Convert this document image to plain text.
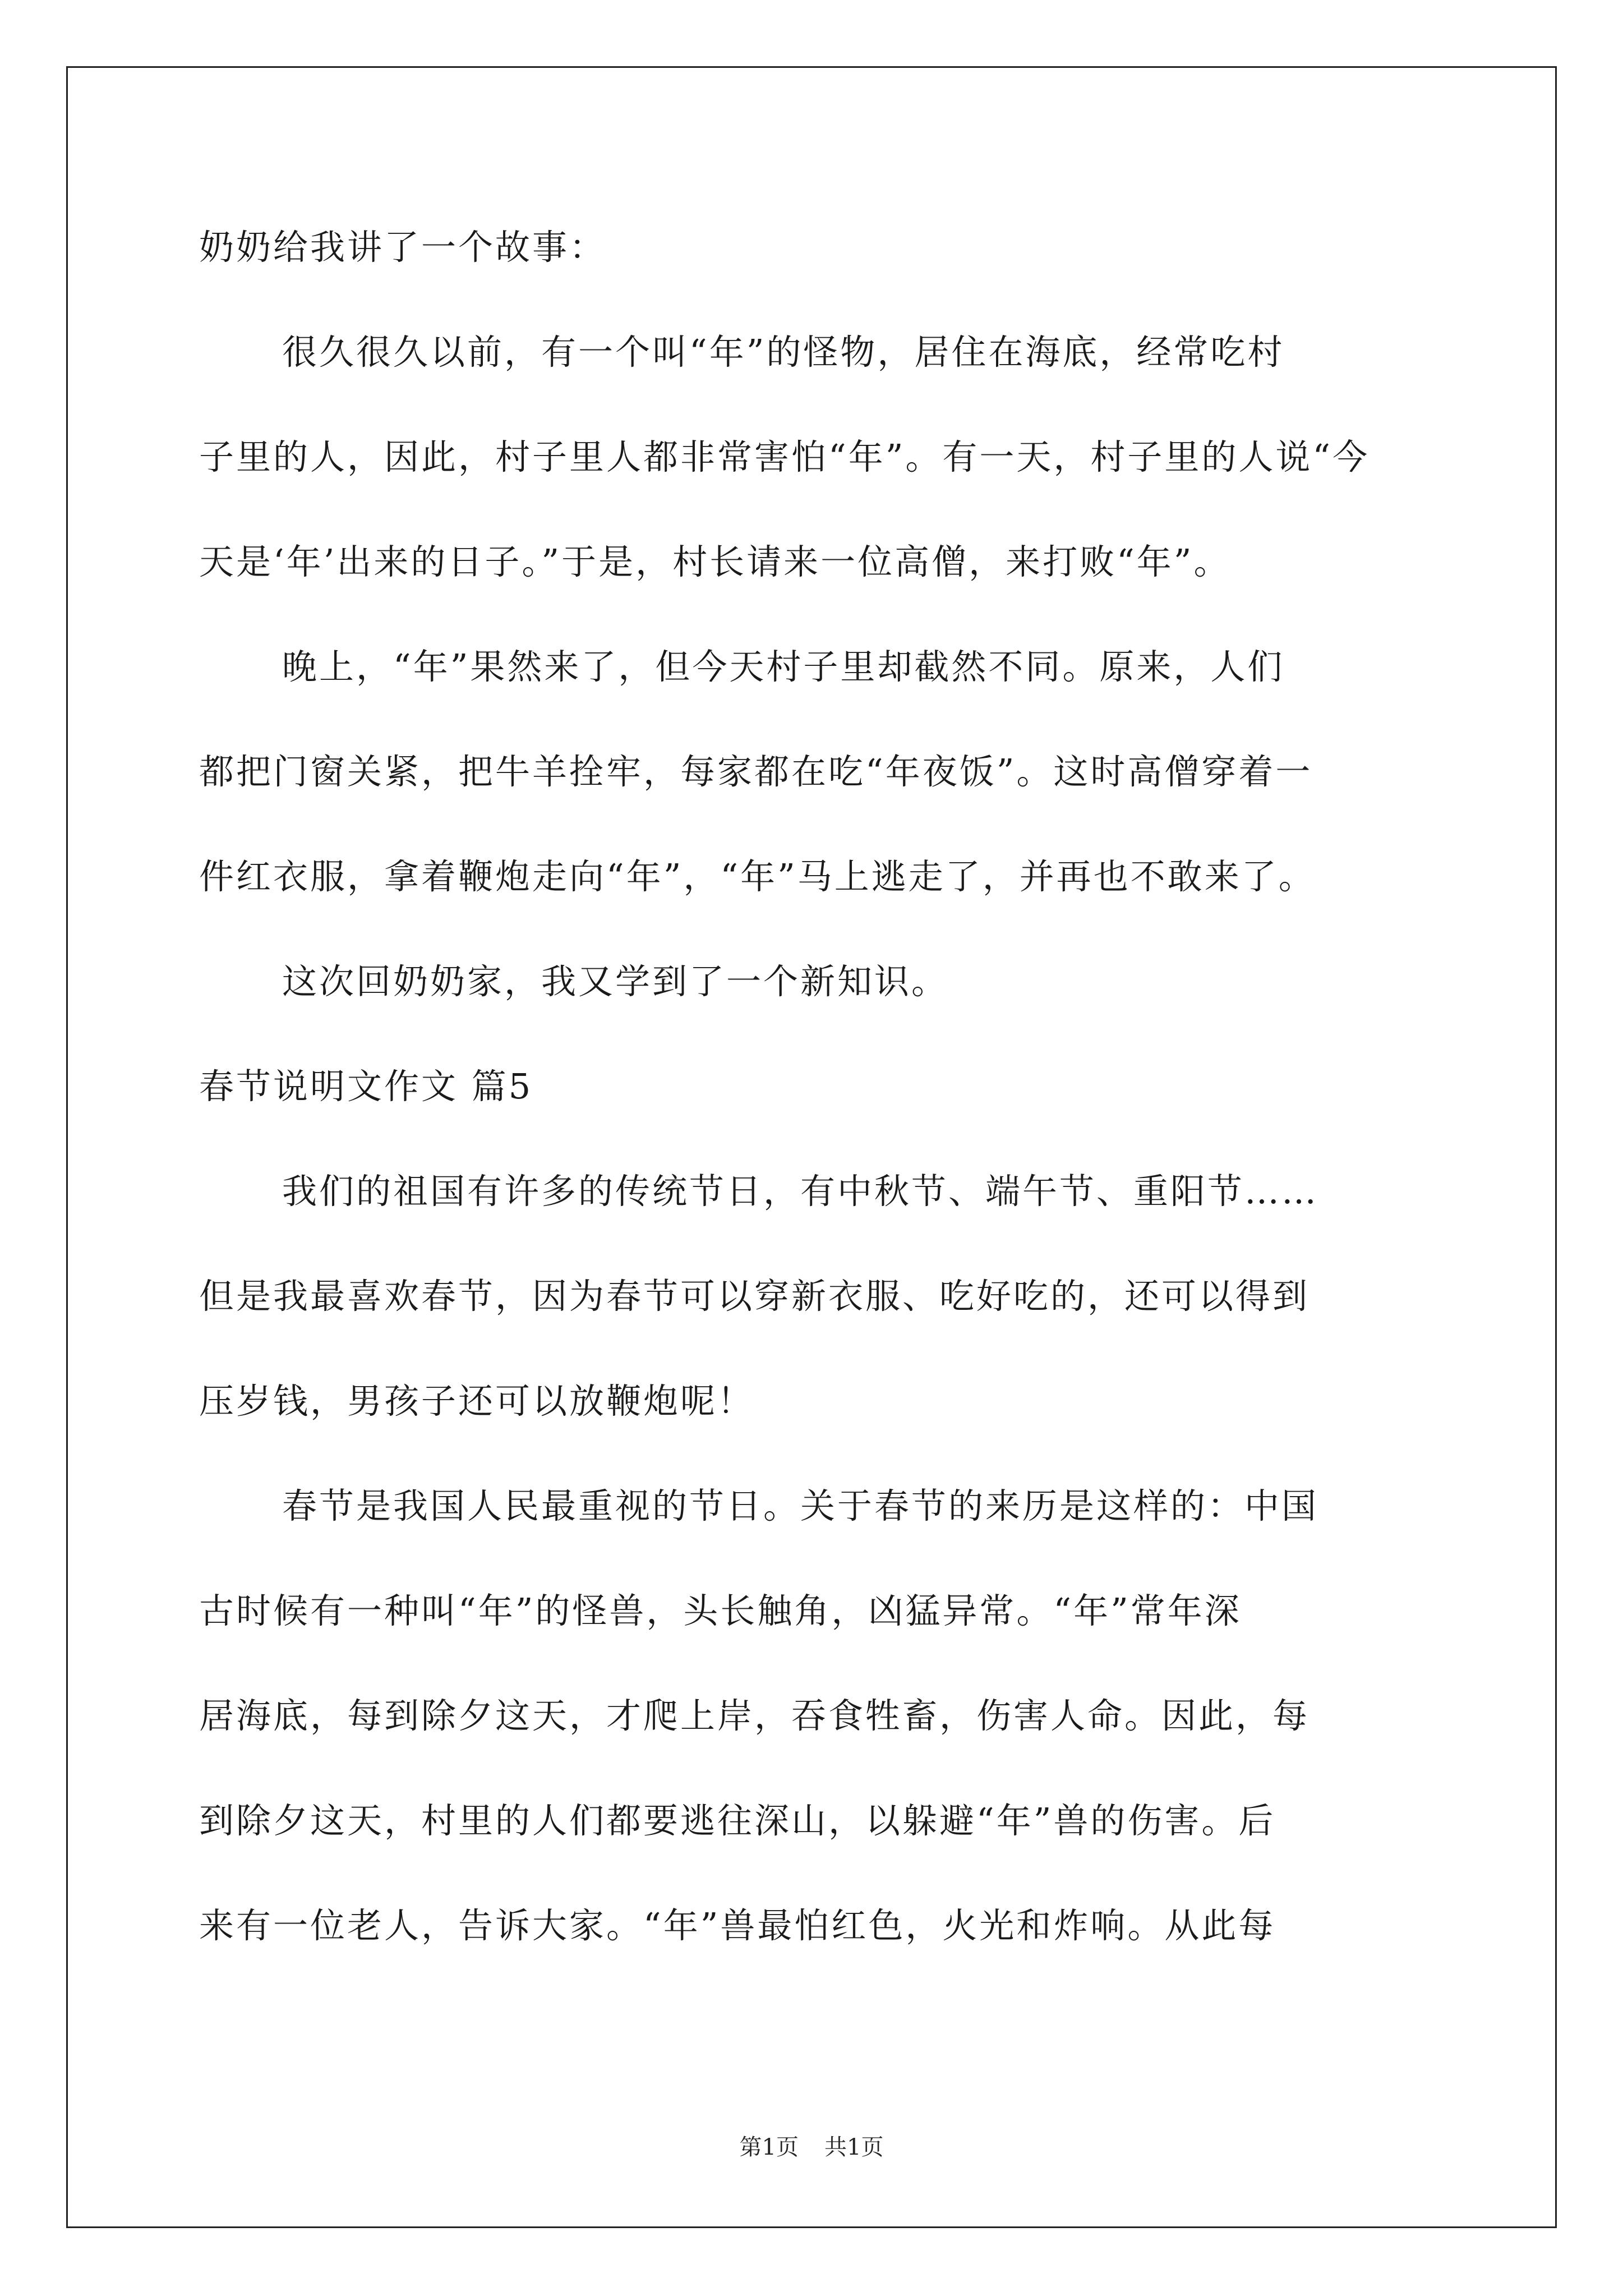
奶奶给我讲了一个故事：
很久很久以前，有一个叫“年”的怪物，居住在海底，经常吃村
子里的人，因此，村子里人都非常害怕“年”。有一天，村子里的人说“今
天是‘年’出来的日子。”于是，村长请来一位高僧，来打败“年”。
晚上，“年”果然来了，但今天村子里却截然不同。原来，人们
都把门窗关紧，把牛羊拴牢，每家都在吃“年夜饭”。这时高僧穿着一
件红衣服，拿着鞭炮走向“年”，“年”马上逃走了，并再也不敢来了。
这次回奶奶家，我又学到了一个新知识。
春节说明文作文 篇5
我们的祖国有许多的传统节日，有中秋节、端午节、重阳节……
但是我最喜欢春节，因为春节可以穿新衣服、吃好吃的，还可以得到
压岁钱，男孩子还可以放鞭炮呢！
春节是我国人民最重视的节日。关于春节的来历是这样的：中国
古时候有一种叫“年”的怪兽，头长触角，凶猛异常。“年”常年深
居海底，每到除夕这天，才爬上岸，吞食牲畜，伤害人命。因此，每
到除夕这天，村里的人们都要逃往深山，以躲避“年”兽的伤害。后
来有一位老人，告诉大家。“年”兽最怕红色，火光和炸响。从此每
第1页 共1页
